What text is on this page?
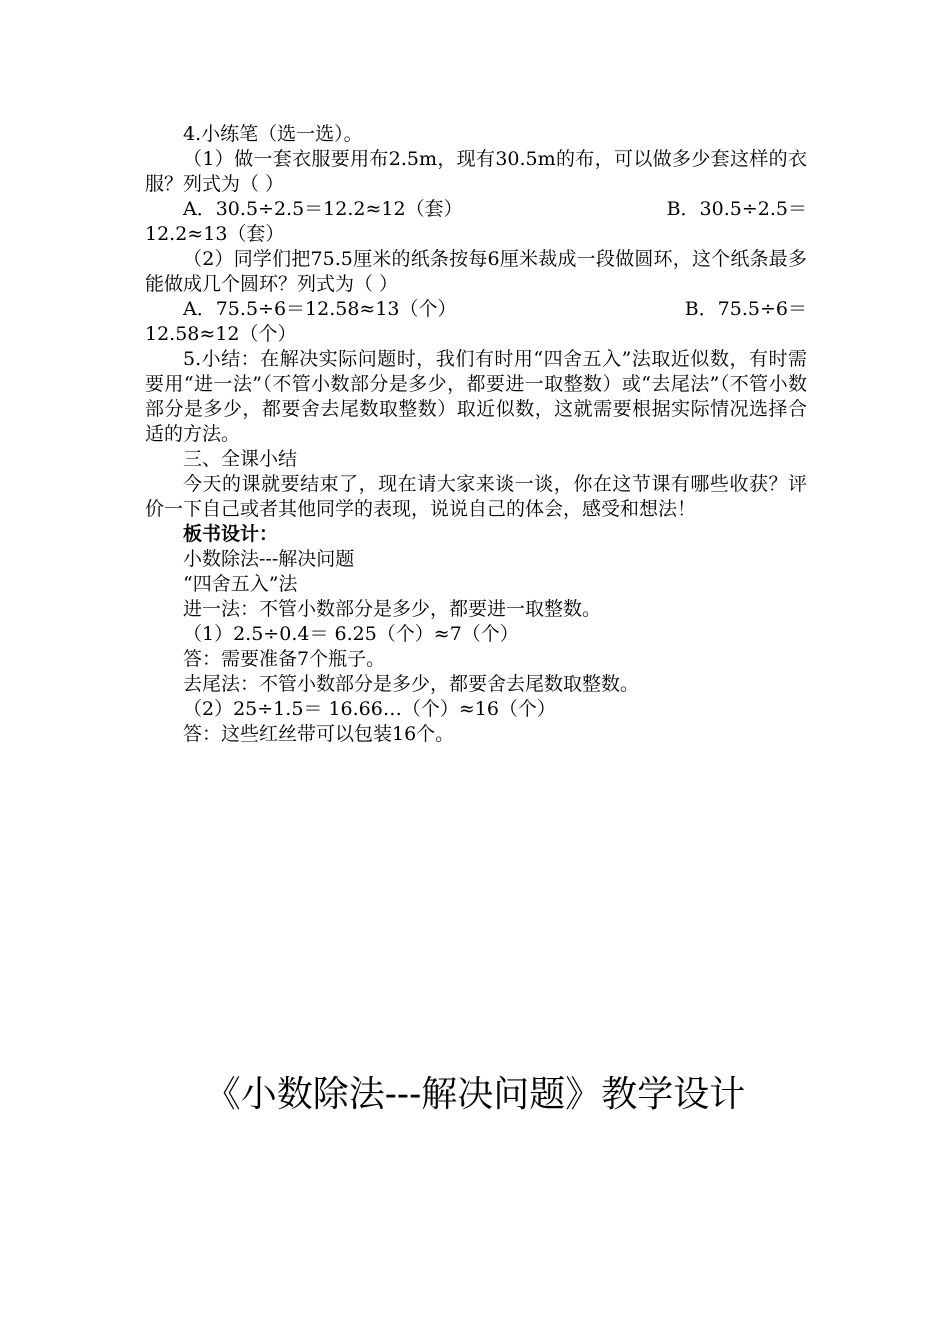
4.小练笔（选一选）。

（1）做一套衣服要用布2.5m，现有30.5m的布，可以做多少套这样的衣服？列式为（ ）

A．30.5÷2.5＝12.2≈12（套）	B．30.5÷2.5＝

12.2≈13（套）

（2）同学们把75.5厘米的纸条按每6厘米裁成一段做圆环，这个纸条最多能做成几个圆环？列式为（ ）

A．75.5÷6＝12.58≈13（个）	B．75.5÷6＝

12.58≈12（个）

5.小结：在解决实际问题时，我们有时用“四舍五入”法取近似数，有时需要用“进一法”（不管小数部分是多少，都要进一取整数）或“去尾法”（不管小数部分是多少，都要舍去尾数取整数）取近似数，这就需要根据实际情况选择合适的方法。

三、全课小结

今天的课就要结束了，现在请大家来谈一谈，你在这节课有哪些收获？评价一下自己或者其他同学的表现，说说自己的体会，感受和想法！

板书设计：

小数除法---解决问题

“四舍五入”法

进一法：不管小数部分是多少，都要进一取整数。

（1）2.5÷0.4＝ 6.25（个）≈7（个）

答：需要准备7个瓶子。

去尾法：不管小数部分是多少，都要舍去尾数取整数。

（2）25÷1.5＝ 16.66…（个）≈16（个）

答：这些红丝带可以包装16个。

《小数除法---解决问题》教学设计
